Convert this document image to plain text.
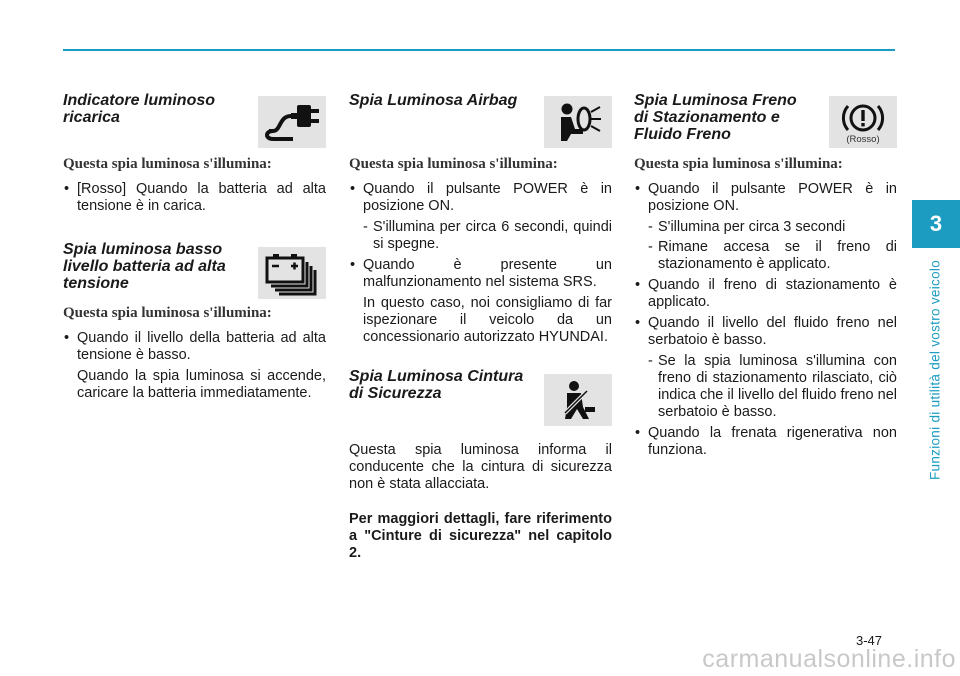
3
Funzioni di utilità del vostro veicolo
Indicatore luminoso ricarica

Questa spia luminosa s'illumina:

• [Rosso] Quando la batteria ad alta tensione è in carica.
Spia luminosa basso livello batteria ad alta tensione

Questa spia luminosa s'illumina:

• Quando il livello della batteria ad alta tensione è basso.

Quando la spia luminosa si accende, caricare la batteria immediatamente.

Spia Luminosa Airbag

Questa spia luminosa s'illumina:

• Quando il pulsante POWER è in posizione ON.
- S'illumina per circa 6 secondi, quindi si spegne.
• Quando è presente un malfunzionamento nel sistema SRS.

In questo caso, noi consigliamo di far ispezionare il veicolo da un concessionario autorizzato HYUNDAI.

Spia Luminosa Cintura di Sicurezza

Questa spia luminosa informa il conducente che la cintura di sicurezza non è stata allacciata.

Per maggiori dettagli, fare riferimento a "Cinture di sicurezza" nel capitolo 2.

Spia Luminosa Freno di Stazionamento e Fluido Freno	(Rosso)

Questa spia luminosa s'illumina:

• Quando il pulsante POWER è in posizione ON.
- S'illumina per circa 3 secondi
- Rimane accesa se il freno di stazionamento è applicato.
• Quando il freno di stazionamento è applicato.
• Quando il livello del fluido freno nel serbatoio è basso.
- Se la spia luminosa s'illumina con freno di stazionamento rilasciato, ciò indica che il livello del fluido freno nel serbatoio è basso.
• Quando la frenata rigenerativa non funziona.
3-47
carmanualsonline.info
